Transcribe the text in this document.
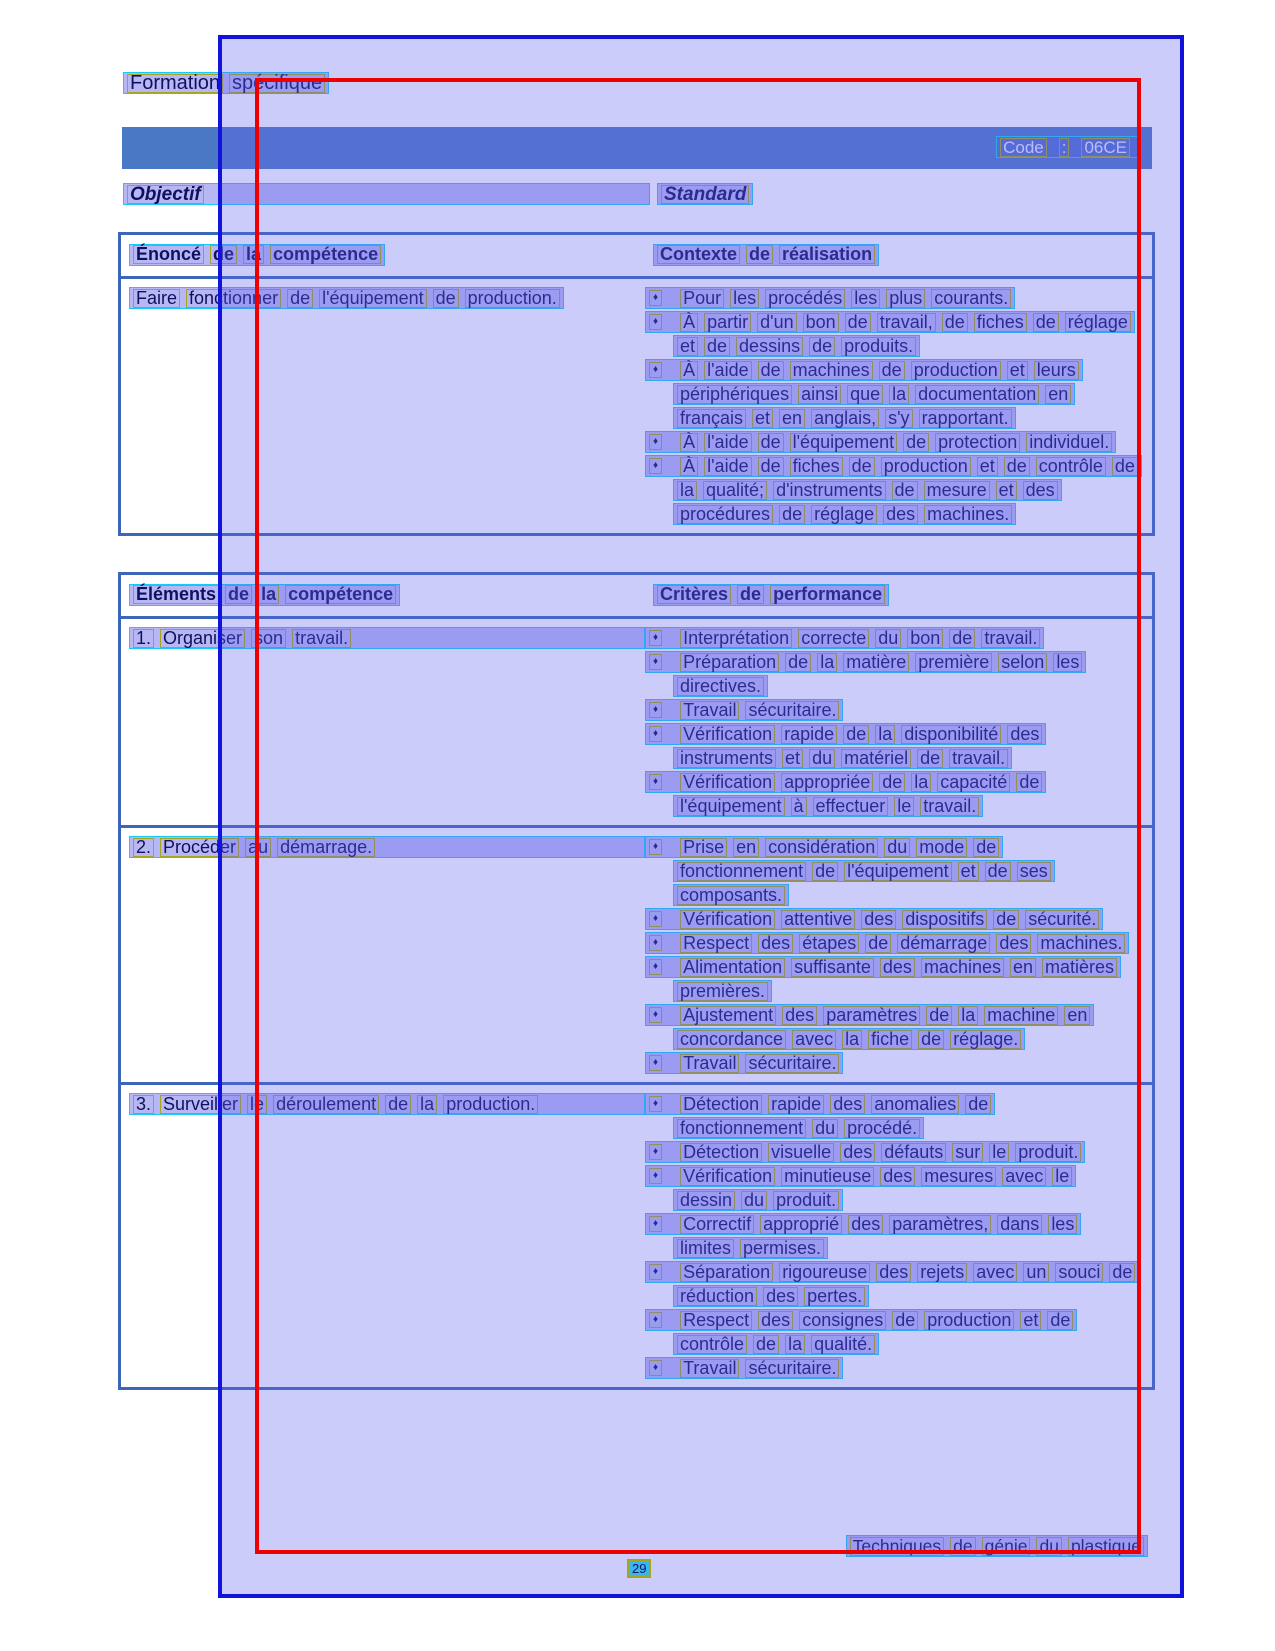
Formation spécifique
Code : 06CE
Objectif	Standard
Énoncé de la compétence	Contexte de réalisation
Faire fonctionner de l'équipement de production.	♦ Pour les procédés les plus courants.
♦ À partir d'un bon de travail, de fiches de réglage
et de dessins de produits.
♦ À l'aide de machines de production et leurs
périphériques ainsi que la documentation en
français et en anglais, s'y rapportant.
♦ À l'aide de l'équipement de protection individuel.
♦ À l'aide de fiches de production et de contrôle de
la qualité; d'instruments de mesure et des
procédures de réglage des machines.
Éléments de la compétence	Critères de performance
1. Organiser son travail.	♦ Interprétation correcte du bon de travail.
♦ Préparation de la matière première selon les
directives.
♦ Travail sécuritaire.
♦ Vérification rapide de la disponibilité des
instruments et du matériel de travail.
♦ Vérification appropriée de la capacité de
l'équipement à effectuer le travail.
2. Procéder au démarrage.	♦ Prise en considération du mode de
fonctionnement de l'équipement et de ses
composants.
♦ Vérification attentive des dispositifs de sécurité.
♦ Respect des étapes de démarrage des machines.
♦ Alimentation suffisante des machines en matières
premières.
♦ Ajustement des paramètres de la machine en
concordance avec la fiche de réglage.
♦ Travail sécuritaire.
3. Surveiller le déroulement de la production.	♦ Détection rapide des anomalies de
fonctionnement du procédé.
♦ Détection visuelle des défauts sur le produit.
♦ Vérification minutieuse des mesures avec le
dessin du produit.
♦ Correctif approprié des paramètres, dans les
limites permises.
♦ Séparation rigoureuse des rejets avec un souci de
réduction des pertes.
♦ Respect des consignes de production et de
contrôle de la qualité.
♦ Travail sécuritaire.
Techniques de génie du plastique
29
